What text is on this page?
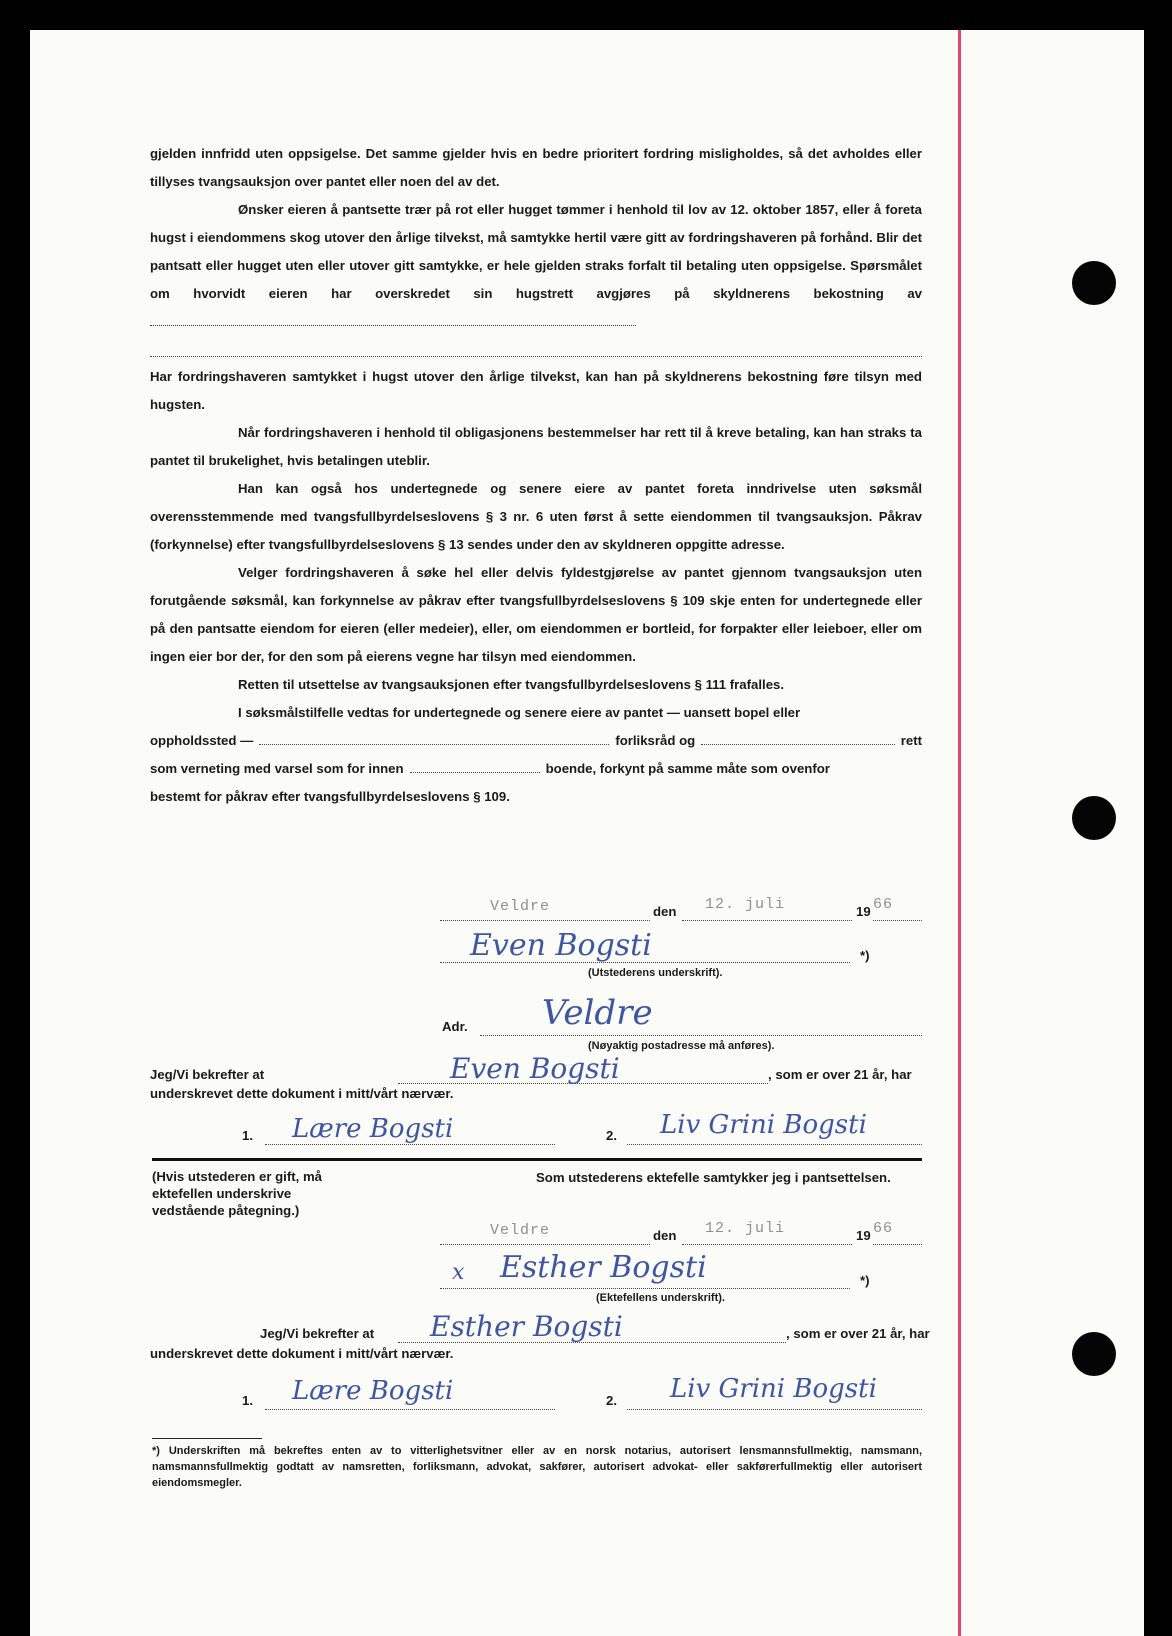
gjelden innfridd uten oppsigelse. Det samme gjelder hvis en bedre prioritert fordring misligholdes, så det avholdes eller tillyses tvangsauksjon over pantet eller noen del av det.

Ønsker eieren å pantsette trær på rot eller hugget tømmer i henhold til lov av 12. oktober 1857, eller å foreta hugst i eiendommens skog utover den årlige tilvekst, må samtykke hertil være gitt av fordringshaveren på forhånd. Blir det pantsatt eller hugget uten eller utover gitt samtykke, er hele gjelden straks forfalt til betaling uten oppsigelse. Spørsmålet om hvorvidt eieren har overskredet sin hugstrett avgjøres på skyldnerens bekostning av

Har fordringshaveren samtykket i hugst utover den årlige tilvekst, kan han på skyldnerens bekostning føre tilsyn med hugsten.

Når fordringshaveren i henhold til obligasjonens bestemmelser har rett til å kreve betaling, kan han straks ta pantet til brukelighet, hvis betalingen uteblir.

Han kan også hos undertegnede og senere eiere av pantet foreta inndrivelse uten søksmål overensstemmende med tvangsfullbyrdelseslovens § 3 nr. 6 uten først å sette eiendommen til tvangsauksjon. Påkrav (forkynnelse) efter tvangsfullbyrdelseslovens § 13 sendes under den av skyldneren oppgitte adresse.

Velger fordringshaveren å søke hel eller delvis fyldestgjørelse av pantet gjennom tvangsauksjon uten forutgående søksmål, kan forkynnelse av påkrav efter tvangsfullbyrdelseslovens § 109 skje enten for undertegnede eller på den pantsatte eiendom for eieren (eller medeier), eller, om eiendommen er bortleid, for forpakter eller leieboer, eller om ingen eier bor der, for den som på eierens vegne har tilsyn med eiendommen.

Retten til utsettelse av tvangsauksjonen efter tvangsfullbyrdelseslovens § 111 frafalles.

I søksmålstilfelle vedtas for undertegnede og senere eiere av pantet — uansett bopel eller

oppholdssted —	forliksråd og	rett
som verneting med varsel som for innen	boende, forkynt på samme måte som ovenfor

bestemt for påkrav efter tvangsfullbyrdelseslovens § 109.

Veldre	den 12. juli	19 66
Even Bogsti	*)
(Utstederens underskrift).
Adr. Veldre
(Nøyaktig postadresse må anføres).
Jeg/Vi bekrefter at	Even Bogsti	, som er over 21 år, har
underskrevet dette dokument i mitt/vårt nærvær.
1. Lære Bogsti	2. Liv Grini Bogsti
(Hvis utstederen er gift, må ektefellen underskrive vedstående påtegning.)
Som utstederens ektefelle samtykker jeg i pantsettelsen.
Veldre	den 12. juli	19 66
x Esther Bogsti	*)
(Ektefellens underskrift).
Jeg/Vi bekrefter at Esther Bogsti	, som er over 21 år, har
underskrevet dette dokument i mitt/vårt nærvær.
1. Lære Bogsti	2. Liv Grini Bogsti
*) Underskriften må bekreftes enten av to vitterlighetsvitner eller av en norsk notarius, autorisert lensmannsfullmektig, namsmann, namsmannsfullmektig godtatt av namsretten, forliksmann, advokat, sakfører, autorisert advokat- eller sakførerfullmektig eller autorisert eiendomsmegler.
